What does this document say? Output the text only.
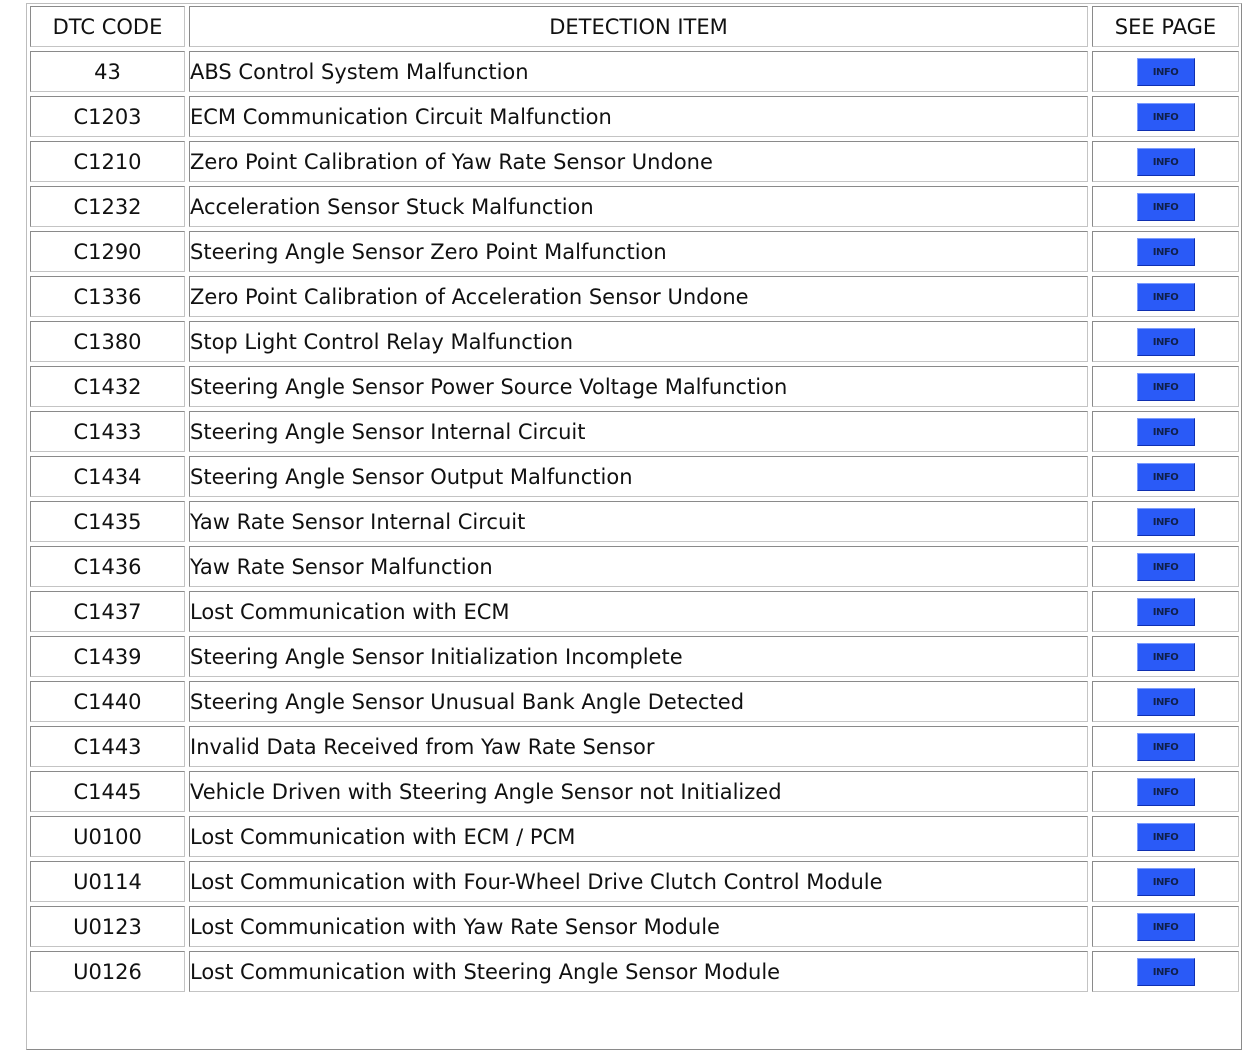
DTC CODE	DETECTION ITEM	SEE PAGE
43	ABS Control System Malfunction	INFO
C1203	ECM Communication Circuit Malfunction	INFO
C1210	Zero Point Calibration of Yaw Rate Sensor Undone	INFO
C1232	Acceleration Sensor Stuck Malfunction	INFO
C1290	Steering Angle Sensor Zero Point Malfunction	INFO
C1336	Zero Point Calibration of Acceleration Sensor Undone	INFO
C1380	Stop Light Control Relay Malfunction	INFO
C1432	Steering Angle Sensor Power Source Voltage Malfunction	INFO
C1433	Steering Angle Sensor Internal Circuit	INFO
C1434	Steering Angle Sensor Output Malfunction	INFO
C1435	Yaw Rate Sensor Internal Circuit	INFO
C1436	Yaw Rate Sensor Malfunction	INFO
C1437	Lost Communication with ECM	INFO
C1439	Steering Angle Sensor Initialization Incomplete	INFO
C1440	Steering Angle Sensor Unusual Bank Angle Detected	INFO
C1443	Invalid Data Received from Yaw Rate Sensor	INFO
C1445	Vehicle Driven with Steering Angle Sensor not Initialized	INFO
U0100	Lost Communication with ECM / PCM	INFO
U0114	Lost Communication with Four-Wheel Drive Clutch Control Module	INFO
U0123	Lost Communication with Yaw Rate Sensor Module	INFO
U0126	Lost Communication with Steering Angle Sensor Module	INFO
